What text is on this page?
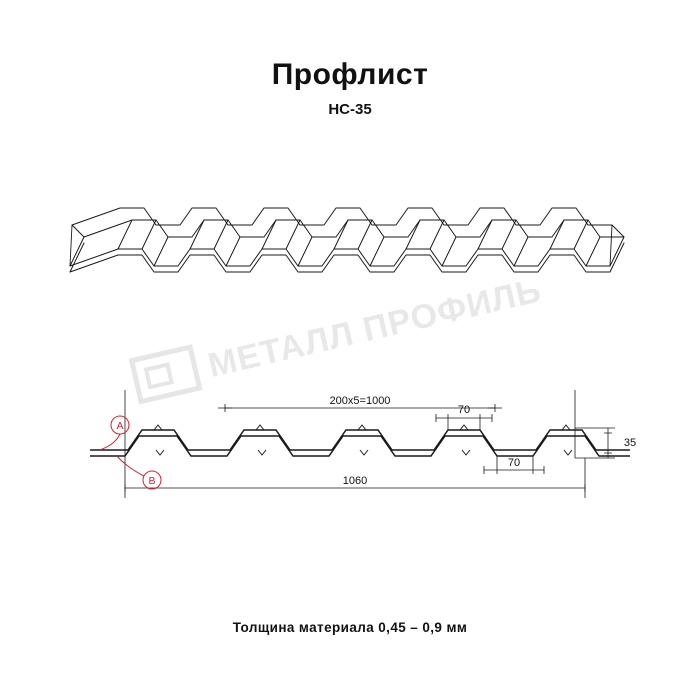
Профлист
НС-35
МЕТАЛЛ ПРОФИЛЬ
200x5=1000
1060
35
70
70
A
B
Толщина материала 0,45 – 0,9 мм
